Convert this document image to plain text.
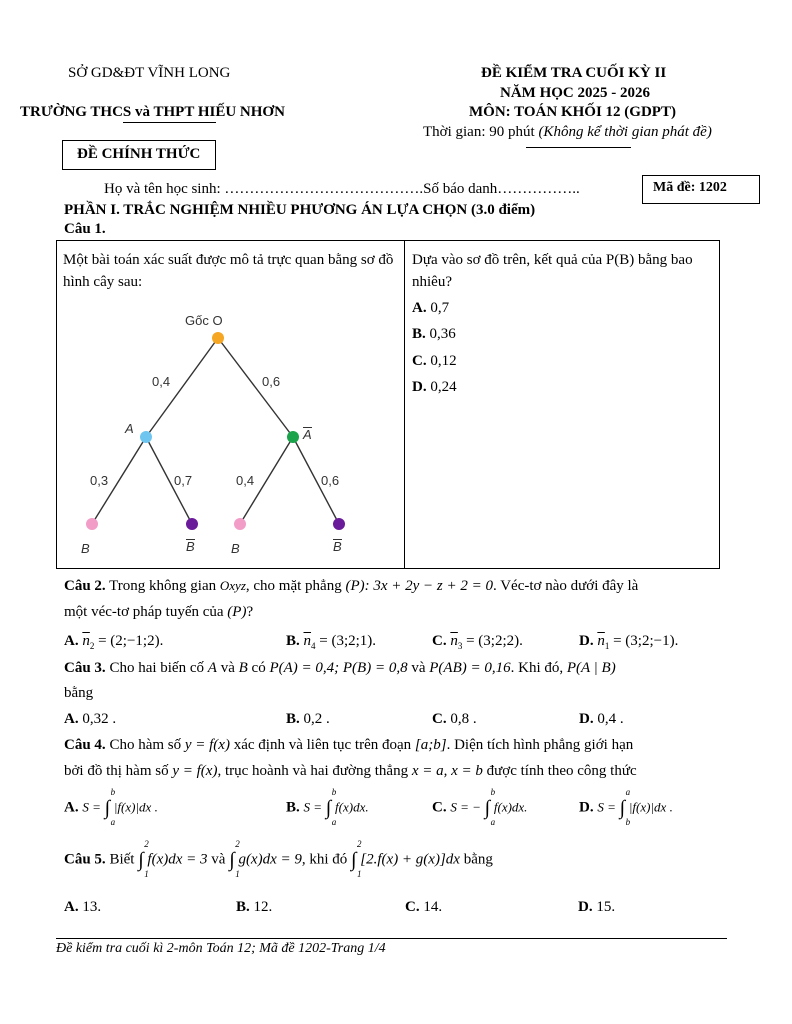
SỞ GD&ĐT VĨNH LONG
TRƯỜNG THCS và THPT HIẾU NHƠN
ĐỀ CHÍNH THỨC
ĐỀ KIỂM TRA CUỐI KỲ II
NĂM HỌC 2025 - 2026
MÔN: TOÁN KHỐI 12 (GDPT)
Thời gian: 90 phút (Không kể thời gian phát đề)
Họ và tên học sinh: ………………………………….Số báo danh……………..	Mã đề: 1202
PHẦN I. TRẮC NGHIỆM NHIỀU PHƯƠNG ÁN LỰA CHỌN (3.0 điểm)
Câu 1.
Một bài toán xác suất được mô tả trực quan bằng sơ đồ hình cây sau:
Dựa vào sơ đồ trên, kết quả của P(B) bằng bao nhiêu?
A. 0,7
B. 0,36
C. 0,12
D. 0,24
Gốc O
0,4	0,6
A	A
0,3	0,7	0,4	0,6
B	B	B	B
Câu 2. Trong không gian Oxyz, cho mặt phẳng (P): 3x + 2y − z + 2 = 0. Véc-tơ nào dưới đây là
một véc-tơ pháp tuyến của (P)?
A. $\overline{n}_2$ = (2;−1;2).	B. $\overline{n}_4$ = (3;2;1).	C. $\overline{n}_3$ = (3;2;2).	D. $\overline{n}_1$ = (3;2;−1).
Câu 3. Cho hai biến cố A và B có P(A) = 0,4; P(B) = 0,8 và P(AB) = 0,16. Khi đó, P(A | B)
bằng
A. 0,32 .	B. 0,2 .	C. 0,8 .	D. 0,4 .
Câu 4. Cho hàm số y = f(x) xác định và liên tục trên đoạn [a;b]. Diện tích hình phẳng giới hạn
bởi đồ thị hàm số y = f(x), trục hoành và hai đường thẳng x = a, x = b được tính theo công thức
A. S = ∫
b
a
|f(x)|dx .	B. S = ∫
b
a
f(x)dx.	C. S = − ∫
b
a
f(x)dx.	D. S = ∫
a
b
|f(x)|dx .
Câu 5. Biết ∫
2
1
f(x)dx = 3 và ∫
2
1
g(x)dx = 9, khi đó ∫
2
1
[2.f(x) + g(x)]dx bằng
A. 13.	B. 12.	C. 14.	D. 15.
Đề kiểm tra cuối kì 2-môn Toán 12; Mã đề 1202-Trang 1/4
